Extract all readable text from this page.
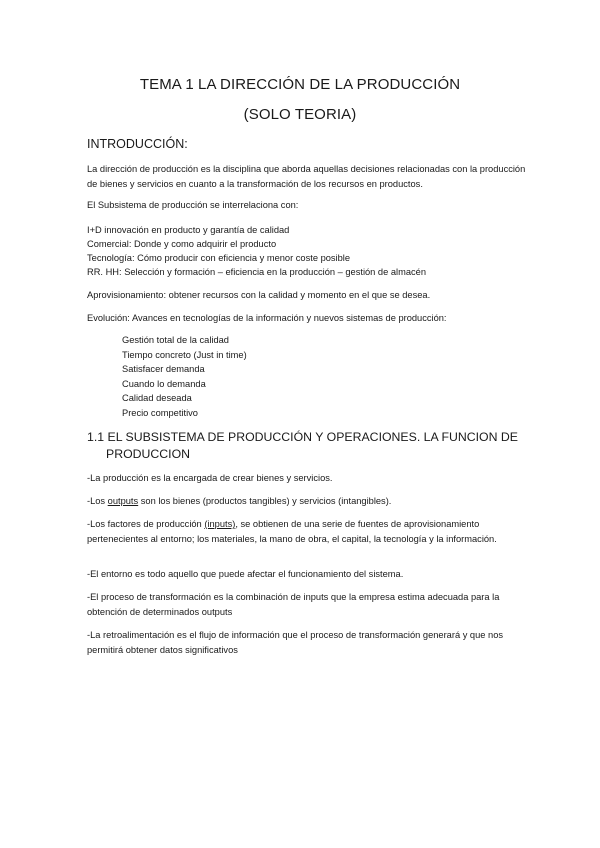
TEMA 1 LA DIRECCIÓN DE LA PRODUCCIÓN
(SOLO TEORIA)
INTRODUCCIÓN:

La dirección de producción es la disciplina que aborda aquellas decisiones relacionadas con la producción de bienes y servicios en cuanto a la transformación de los recursos en productos.

El Subsistema de producción se interrelaciona con:

I+D innovación en producto y garantía de calidad
Comercial: Donde y como adquirir el producto
Tecnología: Cómo producir con eficiencia y menor coste posible
RR. HH: Selección y formación – eficiencia en la producción – gestión de almacén

Aprovisionamiento: obtener recursos con la calidad y momento en el que se desea.

Evolución: Avances en tecnologías de la información y nuevos sistemas de producción:

Gestión total de la calidad
Tiempo concreto (Just in time)
Satisfacer demanda
Cuando lo demanda
Calidad deseada
Precio competitivo
1.1 EL SUBSISTEMA DE PRODUCCIÓN Y OPERACIONES. LA FUNCION DE
PRODUCCION

-La producción es la encargada de crear bienes y servicios.

-Los outputs son los bienes (productos tangibles) y servicios (intangibles).

-Los factores de producción (inputs), se obtienen de una serie de fuentes de aprovisionamiento pertenecientes al entorno; los materiales, la mano de obra, el capital, la tecnología y la información.

-El entorno es todo aquello que puede afectar el funcionamiento del sistema.

-El proceso de transformación es la combinación de inputs que la empresa estima adecuada para la obtención de determinados outputs

-La retroalimentación es el flujo de información que el proceso de transformación generará y que nos permitirá obtener datos significativos
